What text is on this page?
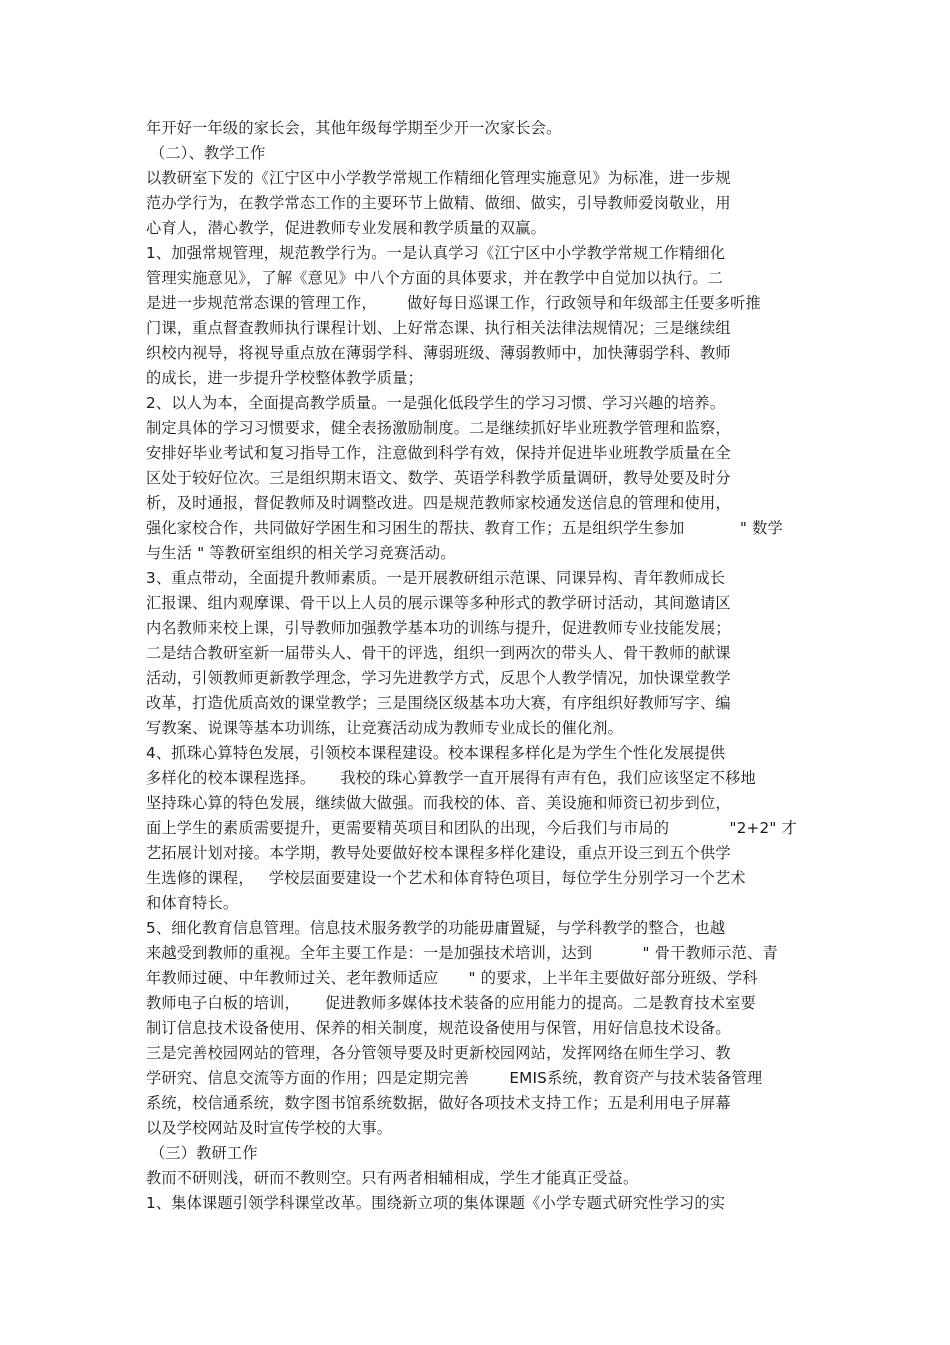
年开好一年级的家长会，其他年级每学期至少开一次家长会。
（二）、教学工作
以教研室下发的《江宁区中小学教学常规工作精细化管理实施意见》为标准，进一步规
范办学行为，在教学常态工作的主要环节上做精、做细、做实，引导教师爱岗敬业，用
心育人，潜心教学，促进教师专业发展和教学质量的双赢。
1、加强常规管理，规范教学行为。一是认真学习《江宁区中小学教学常规工作精细化
管理实施意见》，了解《意见》中八个方面的具体要求，并在教学中自觉加以执行。二
是进一步规范常态课的管理工作，      做好每日巡课工作，行政领导和年级部主任要多听推
门课，重点督查教师执行课程计划、上好常态课、执行相关法律法规情况；三是继续组
织校内视导，将视导重点放在薄弱学科、薄弱班级、薄弱教师中，加快薄弱学科、教师
的成长，进一步提升学校整体教学质量；
2、以人为本，全面提高教学质量。一是强化低段学生的学习习惯、学习兴趣的培养。
制定具体的学习习惯要求，健全表扬激励制度。二是继续抓好毕业班教学管理和监察，
安排好毕业考试和复习指导工作，注意做到科学有效，保持并促进毕业班教学质量在全
区处于较好位次。三是组织期末语文、数学、英语学科教学质量调研，教导处要及时分
析，及时通报，督促教师及时调整改进。四是规范教师家校通发送信息的管理和使用，
强化家校合作，共同做好学困生和习困生的帮扶、教育工作；五是组织学生参加           " 数学
与生活 " 等教研室组织的相关学习竞赛活动。
3、重点带动，全面提升教师素质。一是开展教研组示范课、同课异构、青年教师成长
汇报课、组内观摩课、骨干以上人员的展示课等多种形式的教学研讨活动，其间邀请区
内名教师来校上课，引导教师加强教学基本功的训练与提升，促进教师专业技能发展；
二是结合教研室新一届带头人、骨干的评选，组织一到两次的带头人、骨干教师的献课
活动，引领教师更新教学理念，学习先进教学方式，反思个人教学情况，加快课堂教学
改革，打造优质高效的课堂教学；三是围绕区级基本功大赛，有序组织好教师写字、编
写教案、说课等基本功训练，让竞赛活动成为教师专业成长的催化剂。
4、抓珠心算特色发展，引领校本课程建设。校本课程多样化是为学生个性化发展提供
多样化的校本课程选择。     我校的珠心算教学一直开展得有声有色，我们应该坚定不移地
坚持珠心算的特色发展，继续做大做强。而我校的体、音、美设施和师资已初步到位，
面上学生的素质需要提升，更需要精英项目和团队的出现，今后我们与市局的            "2+2" 才
艺拓展计划对接。本学期，教导处要做好校本课程多样化建设，重点开设三到五个供学
生选修的课程，   学校层面要建设一个艺术和体育特色项目，每位学生分别学习一个艺术
和体育特长。
5、细化教育信息管理。信息技术服务教学的功能毋庸置疑，与学科教学的整合，也越
来越受到教师的重视。全年主要工作是：一是加强技术培训，达到          " 骨干教师示范、青
年教师过硬、中年教师过关、老年教师适应      " 的要求，上半年主要做好部分班级、学科
教师电子白板的培训，     促进教师多媒体技术装备的应用能力的提高。二是教育技术室要
制订信息技术设备使用、保养的相关制度，规范设备使用与保管，用好信息技术设备。
三是完善校园网站的管理，各分管领导要及时更新校园网站，发挥网络在师生学习、教
学研究、信息交流等方面的作用；四是定期完善        EMIS系统，教育资产与技术装备管理
系统，校信通系统，数字图书馆系统数据，做好各项技术支持工作；五是利用电子屏幕
以及学校网站及时宣传学校的大事。
（三）教研工作
教而不研则浅，研而不教则空。只有两者相辅相成，学生才能真正受益。
1、集体课题引领学科课堂改革。围绕新立项的集体课题《小学专题式研究性学习的实
